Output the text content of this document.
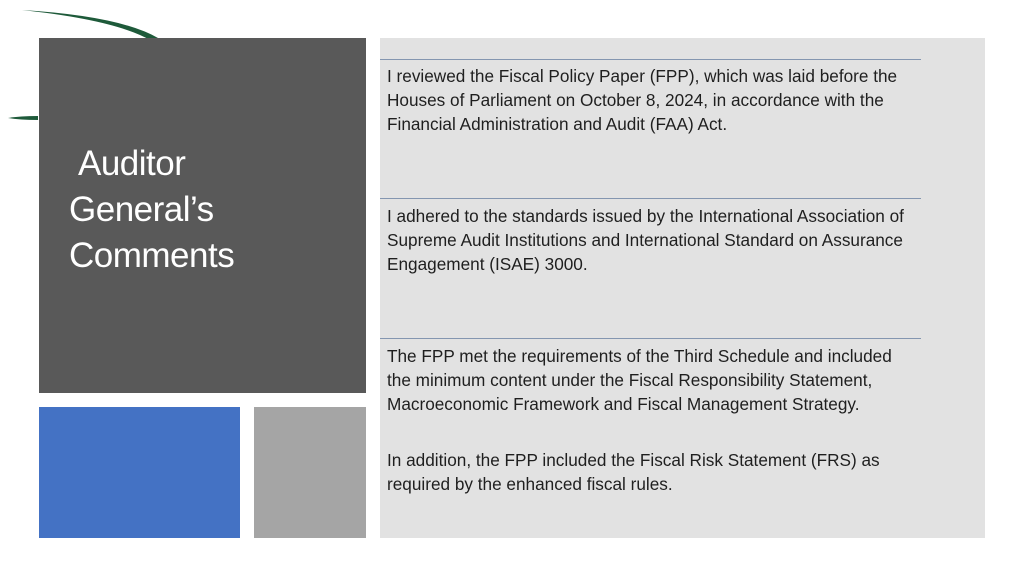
Auditor
General’s
Comments

I reviewed the Fiscal Policy Paper (FPP), which was laid before the Houses of Parliament on October 8, 2024, in accordance with the Financial Administration and Audit (FAA) Act.

I adhered to the standards issued by the International Association of Supreme Audit Institutions and International Standard on Assurance Engagement (ISAE) 3000.

The FPP met the requirements of the Third Schedule and included the minimum content under the Fiscal Responsibility Statement, Macroeconomic Framework and Fiscal Management Strategy.

In addition, the FPP included the Fiscal Risk Statement (FRS) as required by the enhanced fiscal rules.
